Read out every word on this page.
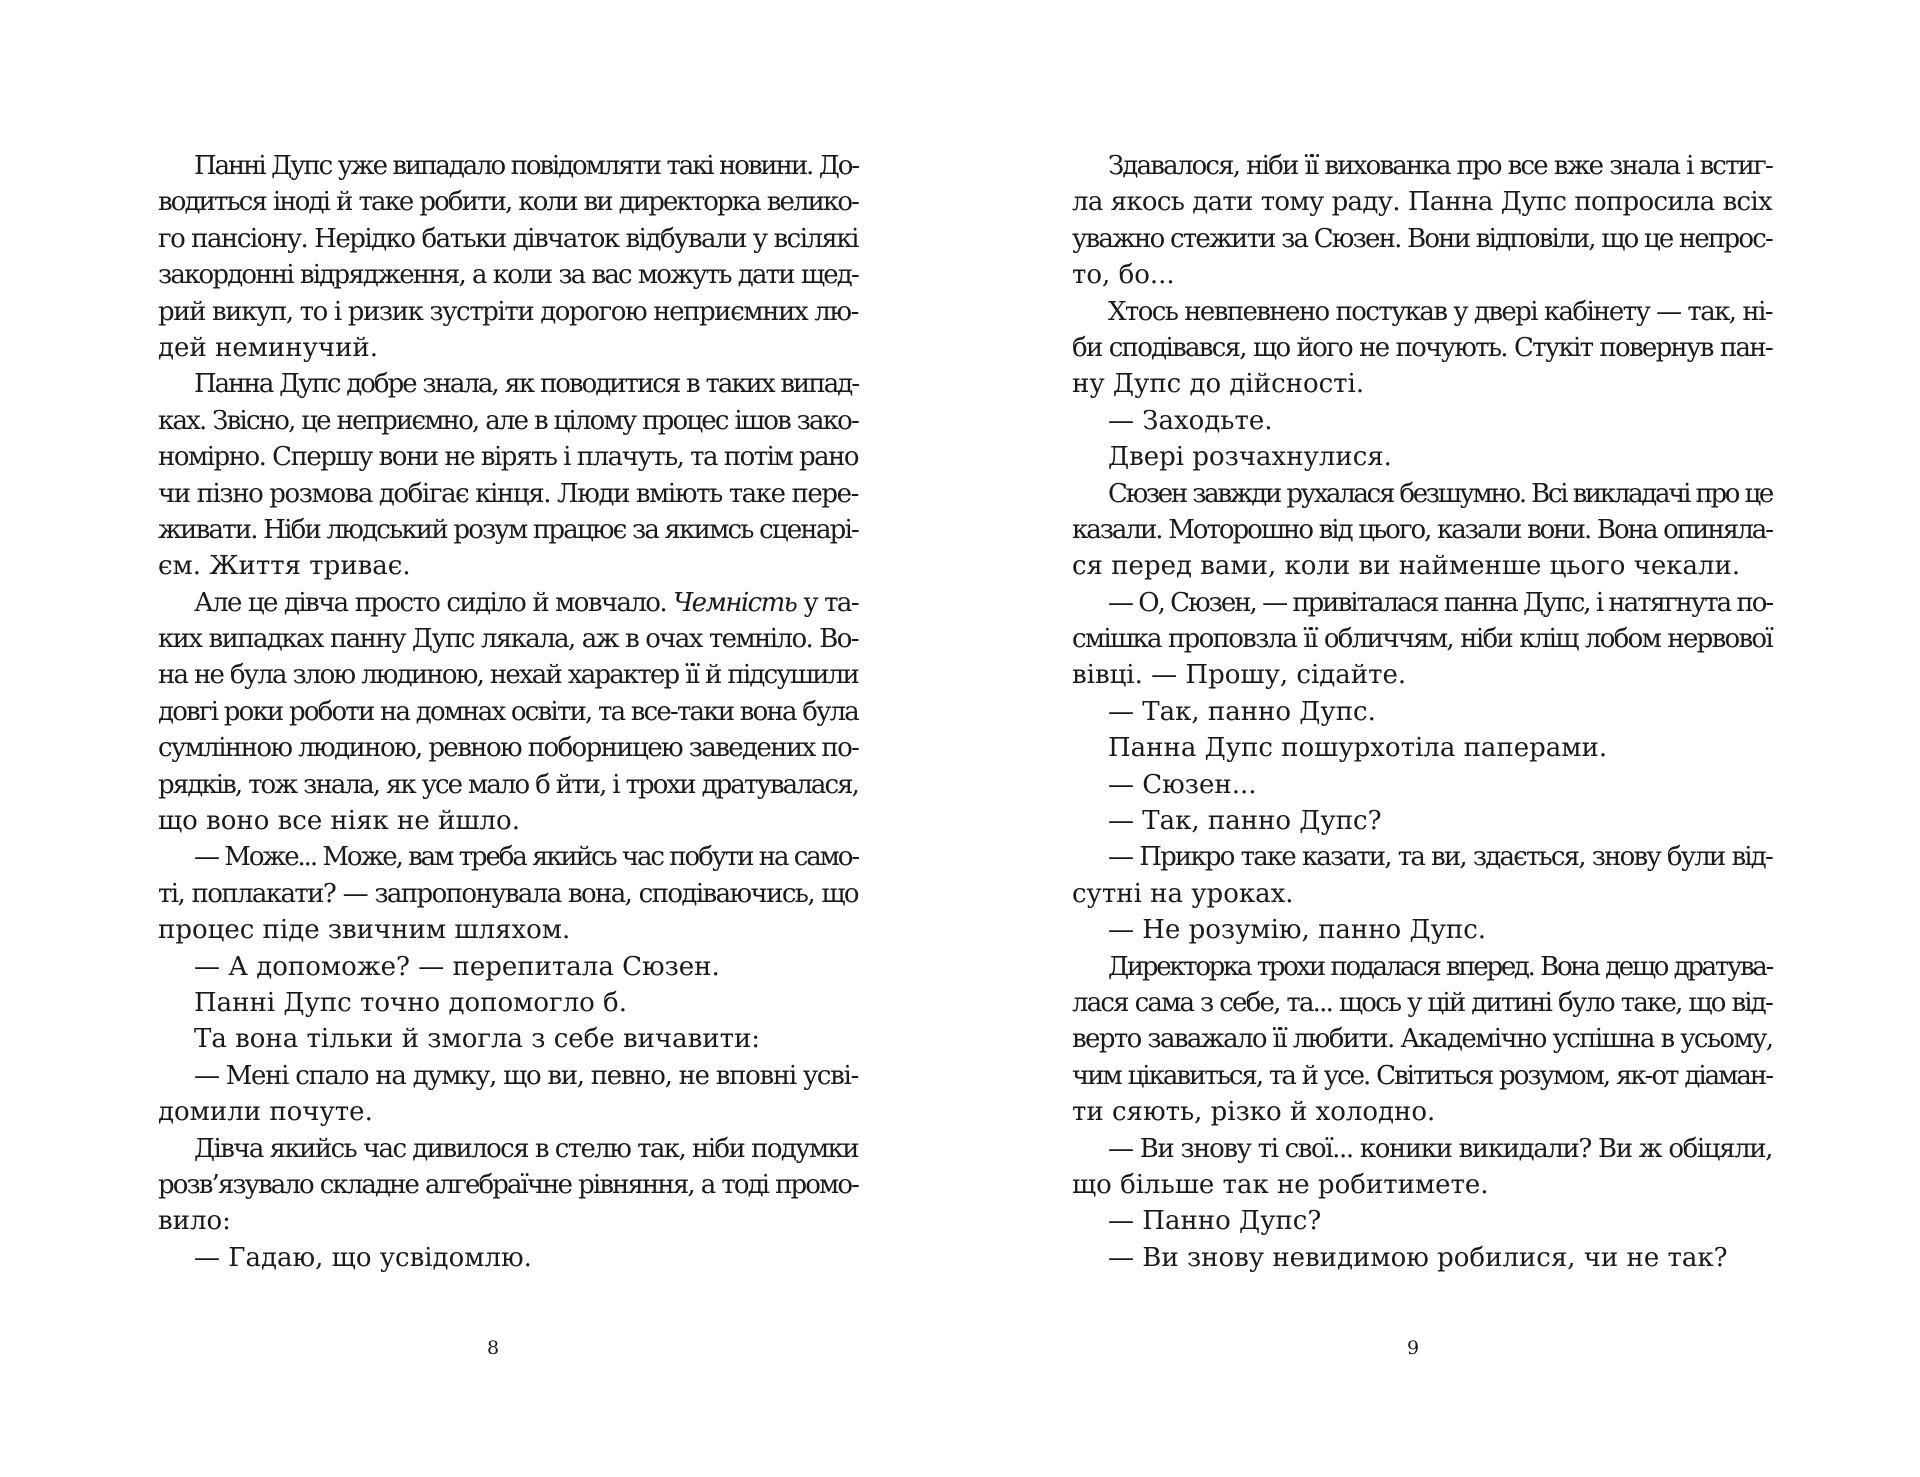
Панні Дупс уже випадало повідомляти такі новини. До-
водиться іноді й таке робити, коли ви директорка велико-
го пансіону. Нерідко батьки дівчаток відбували у всілякі
закордонні відрядження, а коли за вас можуть дати щед-
рий викуп, то і ризик зустріти дорогою неприємних лю-
дей неминучий.
Панна Дупс добре знала, як поводитися в таких випад-
ках. Звісно, це неприємно, але в цілому процес ішов зако-
номірно. Спершу вони не вірять і плачуть, та потім рано
чи пізно розмова добігає кінця. Люди вміють таке пере-
живати. Ніби людський розум працює за якимсь сценарі-
єм. Життя триває.
Але це дівча просто сиділо й мовчало. Чемність у та-
ких випадках панну Дупс лякала, аж в очах темніло. Во-
на не була злою людиною, нехай характер її й підсушили
довгі роки роботи на домнах освіти, та все-таки вона була
сумлінною людиною, ревною поборницею заведених по-
рядків, тож знала, як усе мало б йти, і трохи дратувалася,
що воно все ніяк не йшло.
— Може... Може, вам треба якийсь час побути на само-
ті, поплакати? — запропонувала вона, сподіваючись, що
процес піде звичним шляхом.
— А допоможе? — перепитала Сюзен.
Панні Дупс точно допомогло б.
Та вона тільки й змогла з себе вичавити:
— Мені спало на думку, що ви, певно, не вповні усві-
домили почуте.
Дівча якийсь час дивилося в стелю так, ніби подумки
розв’язувало складне алгебраїчне рівняння, а тоді промо-
вило:
— Гадаю, що усвідомлю.
8
Здавалося, ніби її вихованка про все вже знала і встиг-
ла якось дати тому раду. Панна Дупс попросила всіх
уважно стежити за Сюзен. Вони відповіли, що це непрос-
то, бо...
Хтось невпевнено постукав у двері кабінету — так, ні-
би сподівався, що його не почують. Стукіт повернув пан-
ну Дупс до дійсності.
— Заходьте.
Двері розчахнулися.
Сюзен завжди рухалася безшумно. Всі викладачі про це
казали. Моторошно від цього, казали вони. Вона опиняла-
ся перед вами, коли ви найменше цього чекали.
— О, Сюзен, — привіталася панна Дупс, і натягнута по-
смішка проповзла її обличчям, ніби кліщ лобом нервової
вівці. — Прошу, сідайте.
— Так, панно Дупс.
Панна Дупс пошурхотіла паперами.
— Сюзен...
— Так, панно Дупс?
— Прикро таке казати, та ви, здається, знову були від-
сутні на уроках.
— Не розумію, панно Дупс.
Директорка трохи подалася вперед. Вона дещо дратува-
лася сама з себе, та... щось у цій дитині було таке, що від-
верто заважало її любити. Академічно успішна в усьому,
чим цікавиться, та й усе. Світиться розумом, як-от діаман-
ти сяють, різко й холодно.
— Ви знову ті свої... коники викидали? Ви ж обіцяли,
що більше так не робитимете.
— Панно Дупс?
— Ви знову невидимою робилися, чи не так?
9
